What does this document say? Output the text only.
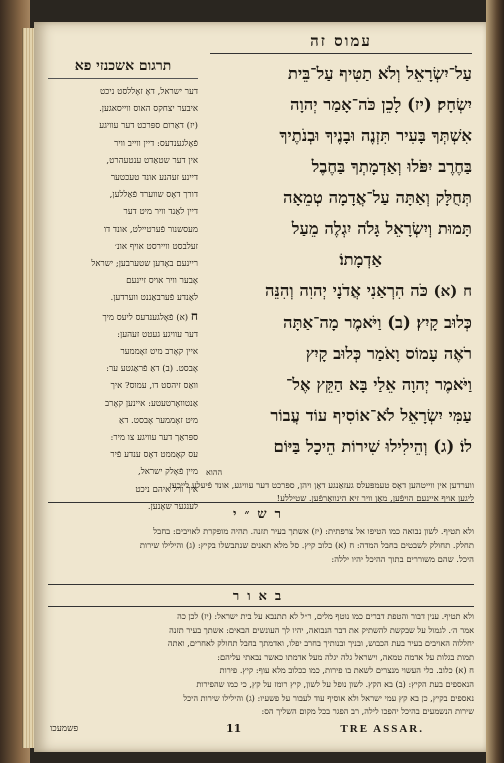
עמוס זה
תרגום אשכנזי פא	עַל־יִשְׂרָאֵל וְלֹא תַטִּיף עַל־בֵּית

יִשְׂחָק׃ (יז) לָכֵן כֹּה־אָמַר יְהוָה

אִשְׁתְּךָ בָּעִיר תִּזְנֶה וּבָנֶיךָ וּבְנֹתֶיךָ

בַּחֶרֶב יִפֹּלוּ וְאַדְמָתְךָ בַּחֶבֶל

תְּחֻלָּק וְאַתָּה עַל־אֲדָמָה טְמֵאָה

תָּמוּת וְיִשְׂרָאֵל גָּלֹה יִגְלֶה מֵעַל

אַדְמָתוֹ׃

ח (א) כֹּה הִרְאַנִי אֲדֹנָי יְהוִה וְהִנֵּה

כְּלוּב קָיִץ׃ (ב) וַיֹּאמֶר מָה־אַתָּה

רֹאֶה עָמוֹס וָאֹמַר כְּלוּב קָיִץ

וַיֹּאמֶר יְהוָה אֵלַי בָּא הַקֵּץ אֶל־

עַמִּי יִשְׂרָאֵל לֹא־אוֹסִיף עוֹד עֲבוֹר

לוֹ׃ (ג) וְהֵילִילוּ שִׁירוֹת הֵיכָל בַּיּוֹם

ההוא

דער ישראל, דאָ זאָללסט ניכט

איבער יצחקס האוס ווייסאגען.

(יז) דאַרום ספּרכט דער עוויגע

פֿאָלגענדעס: דיין ווייב וויר

אין דער שטאַדט ענטעהרט,

דיינע זעהנע אונד טעכטער

דורך דאָס שווערד פֿאַללען,

דיין לאַנד וויר מיט דער

מעסשנור פֿערטיילט, אונד דו

זעלבסט וויירסט אויף אונ׳

ריינעם באָדען שטערבען; ישראל

אָבער וויר אויס זיינעם

לאַנדע פֿערבאַננט ווערדען.

ח (א) פֿאָלגענדעס ליעס מיך

דער עוויגע געטט זעהען:

איין קאָרב מיט זאָממער

אָבסט. (ב) דאַ פֿראַגטע ער:

וואַס זיהסט דו, עמוס? איך

אַנטוואָרטעטע: איינען קאָרב

מיט זאָממער אָבסט. דאַ

ספּראַך דער עוויגע צו מיר:

עס קאָממט דאָס ענדע פֿיר

מיין פֿאָלק ישראל,

איך וויל איהם ניכט

לענגער שאָנען.

ווערדען אין ווייטהען דאָס טעמפּעלס געזאַנגע דאָן ויהן, ספּרכט דער עוויגע, אונד פֿיעלע לייכען

ליגען אויף איינעם הויפֿען, מאַן וויר זיא הינוואַרפֿען. שטיללע!

רש״י

ולא תטיף. לשון נבואה כמו הטיפו אל צרפתית: (יז) אשתך בעיר תזנה. תהיה מופקרת לאויבים: בחבל

תחלק. תחולק לשבטים בחבל המדה: ח (א) כלוב קיץ. סל מלא תאנים שנתבשלו בקיץ: (ג) והילילו שירות

היכל. שהם משוררים בתוך ההיכל יהיו יללה:

באור

ולא תטיף. ענין דבור והטפת דברים כמו נוטף מלים, ר״ל לא תתנבא על בית ישראל: (יז) לכן כה

אמר ה׳. לגמול על שבקשת להשתיק את דבר הנבואה, יהיו לך העונשים הבאים: אשתך בעיר תזנה

יחללוה האויבים בעיר בעת הכבוש, ובניך ובנותיך בחרב יפלו, ואדמתך בחבל תחולק לאחרים, ואתה

תמות בגלות על אדמה טמאה, וישראל גלה יגלה מעל אדמתו כאשר נבאתי עליהם:

ח (א) כלוב. כלי העשוי מנצרים לשאת בו פירות, כמו ככלוב מלא עוף: קיץ. פירות

הנאספים בעת הקיץ: (ב) בא הקץ. לשון נופל על לשון, קיץ רומז על קץ, כי כמו שהפירות

נאספים בקיץ, כן בא קץ עמי ישראל ולא אוסיף עוד לעבור על פשעיו: (ג) והילילו שירות היכל

שירות הנשמעים בהיכל יהפכו לילה, רב הפגר בכל מקום השליך הס:

פשמעכו	11	TRE ASSAR.
